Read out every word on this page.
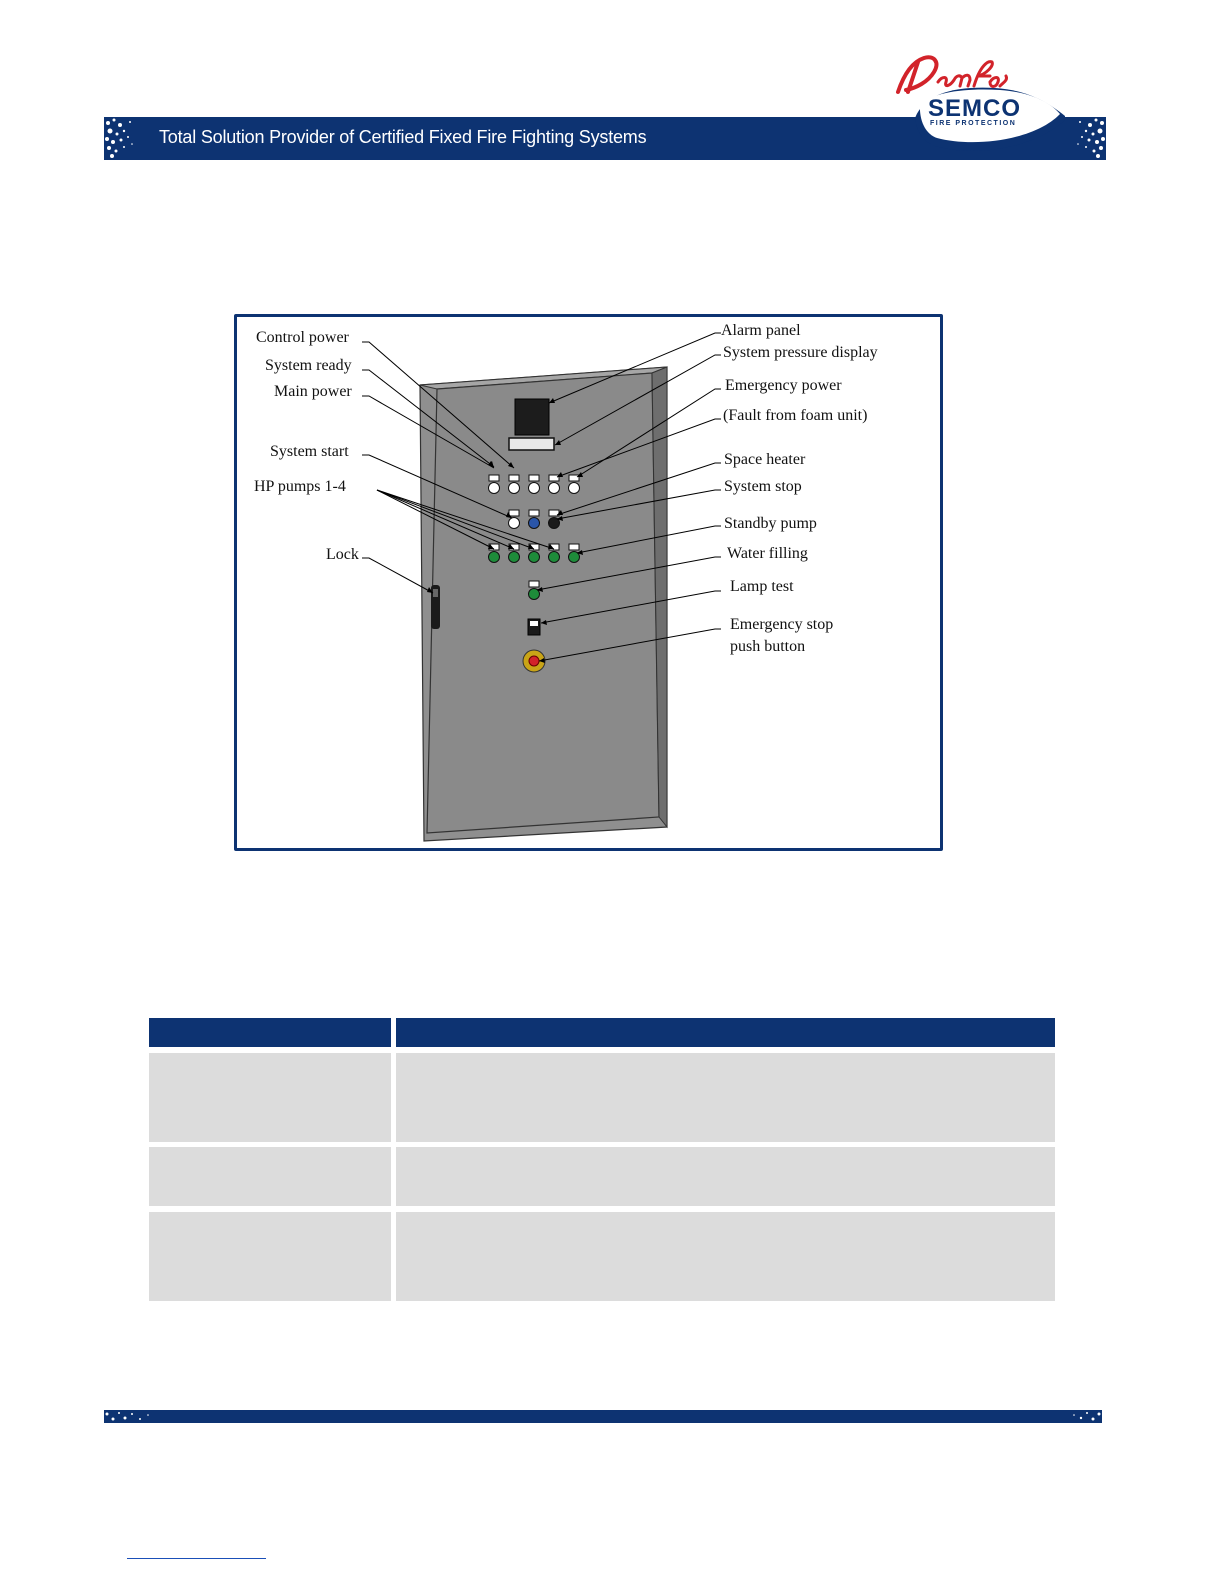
Total Solution Provider of Certified Fixed Fire Fighting Systems
SEMCO
FIRE PROTECTION
Control power
System ready
Main power
System start
HP pumps 1-4
Lock
Alarm panel
System pressure display
Emergency power
(Fault from foam unit)
Space heater
System stop
Standby pump
Water filling
Lamp test
Emergency stop
push button
